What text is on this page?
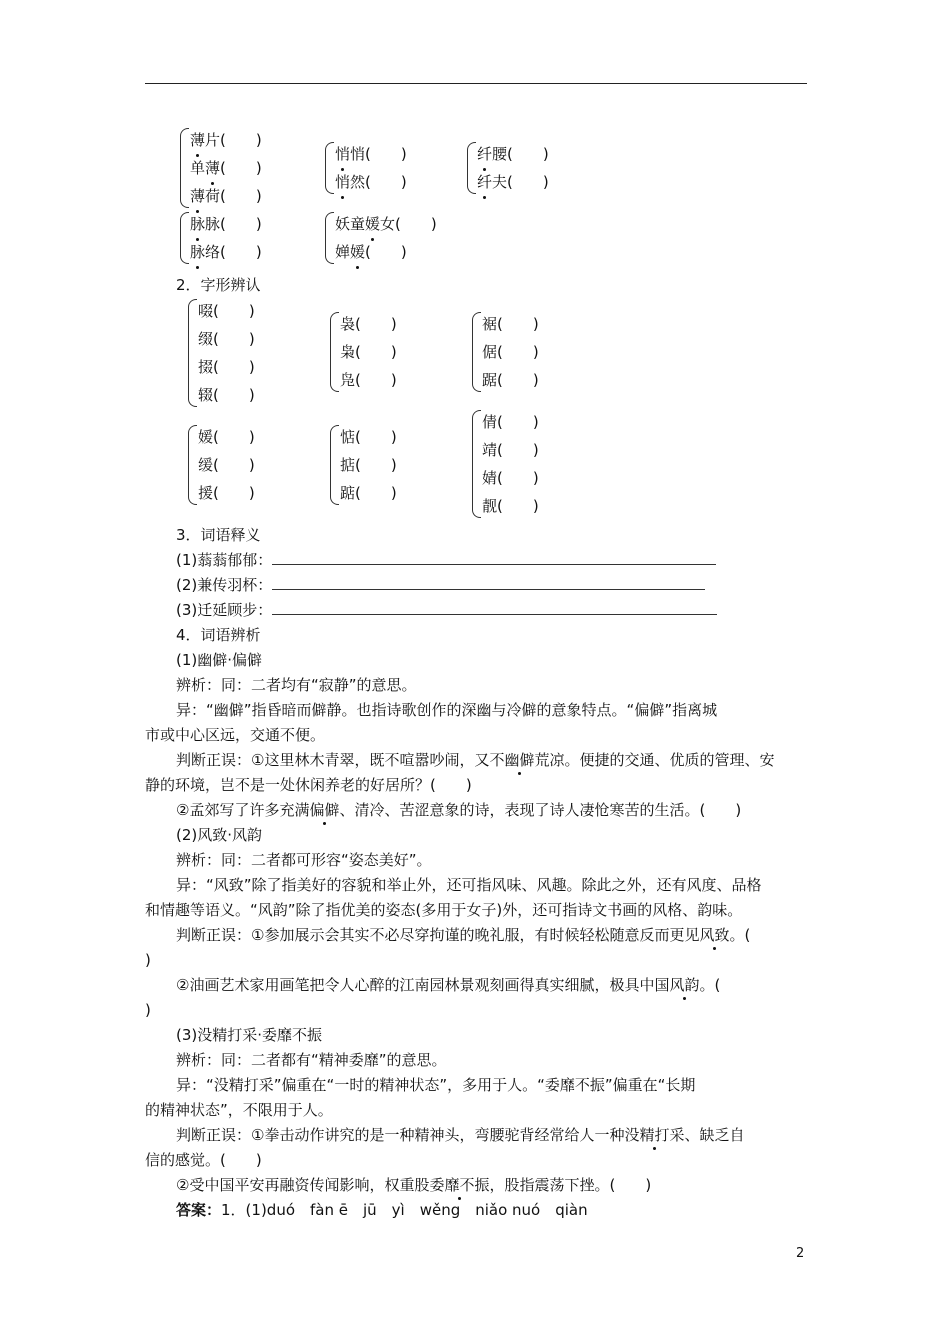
薄片(　　)
单薄(　　)
薄荷(　　)
悄悄(　　)
悄然(　　)
纤腰(　　)
纤夫(　　)
脉脉(　　)
脉络(　　)
妖童媛女(　　)
婵媛(　　)
2．字形辨认
啜(　　)
缀(　　)
掇(　　)
辍(　　)
袅(　　)
枭(　　)
凫(　　)
裾(　　)
倨(　　)
踞(　　)
媛(　　)
缓(　　)
援(　　)
惦(　　)
掂(　　)
踮(　　)
倩(　　)
靖(　　)
婧(　　)
靓(　　)
3．词语释义
(1)蓊蓊郁郁：
(2)兼传羽杯：
(3)迁延顾步：
4．词语辨析
(1)幽僻·偏僻
辨析：同：二者均有“寂静”的意思。
异：“幽僻”指昏暗而僻静。也指诗歌创作的深幽与冷僻的意象特点。“偏僻”指离城
市或中心区远，交通不便。
判断正误：①这里林木青翠，既不喧嚣吵闹，又不幽僻荒凉。便捷的交通、优质的管理、安
静的环境，岂不是一处休闲养老的好居所？(　　)
②孟郊写了许多充满偏僻、清冷、苦涩意象的诗，表现了诗人凄怆寒苦的生活。(　　)
(2)风致·风韵
辨析：同：二者都可形容“姿态美好”。
异：“风致”除了指美好的容貌和举止外，还可指风味、风趣。除此之外，还有风度、品格
和情趣等语义。“风韵”除了指优美的姿态(多用于女子)外，还可指诗文书画的风格、韵味。
判断正误：①参加展示会其实不必尽穿拘谨的晚礼服，有时候轻松随意反而更见风致。(
)
②油画艺术家用画笔把令人心醉的江南园林景观刻画得真实细腻，极具中国风韵。(
)
(3)没精打采·委靡不振
辨析：同：二者都有“精神委靡”的意思。
异：“没精打采”偏重在“一时的精神状态”，多用于人。“委靡不振”偏重在“长期
的精神状态”，不限用于人。
判断正误：①拳击动作讲究的是一种精神头，弯腰驼背经常给人一种没精打采、缺乏自
信的感觉。(　　)
②受中国平安再融资传闻影响，权重股委靡不振，股指震荡下挫。(　　)
答案：1．(1)duó　fàn ē　jū　yì　wěng　niǎo nuó　qiàn
2
